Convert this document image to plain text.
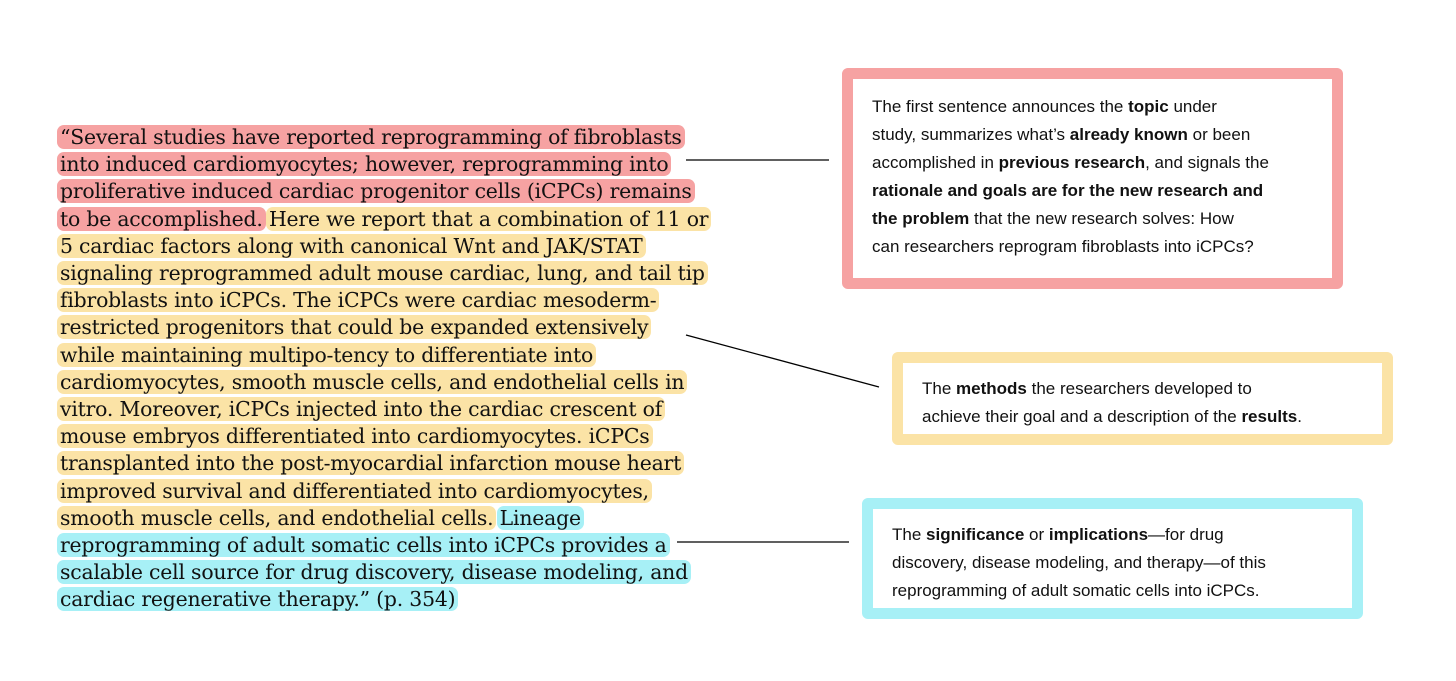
“Several studies have reported reprogramming of fibroblasts
into induced cardiomyocytes; however, reprogramming into
proliferative induced cardiac progenitor cells (iCPCs) remains
to be accomplished. Here we report that a combination of 11 or
5 cardiac factors along with canonical Wnt and JAK/STAT
signaling reprogrammed adult mouse cardiac, lung, and tail tip
fibroblasts into iCPCs. The iCPCs were cardiac mesoderm-
restricted progenitors that could be expanded extensively
while maintaining multipo-tency to differentiate into
cardiomyocytes, smooth muscle cells, and endothelial cells in
vitro. Moreover, iCPCs injected into the cardiac crescent of
mouse embryos differentiated into cardiomyocytes. iCPCs
transplanted into the post-myocardial infarction mouse heart
improved survival and differentiated into cardiomyocytes,
smooth muscle cells, and endothelial cells. Lineage
reprogramming of adult somatic cells into iCPCs provides a
scalable cell source for drug discovery, disease modeling, and
cardiac regenerative therapy.” (p. 354)
The first sentence announces the topic under
study, summarizes what’s already known or been
accomplished in previous research, and signals the
rationale and goals are for the new research and
the problem that the new research solves: How
can researchers reprogram fibroblasts into iCPCs?
The methods the researchers developed to
achieve their goal and a description of the results.
The significance or implications—for drug
discovery, disease modeling, and therapy—of this
reprogramming of adult somatic cells into iCPCs.
